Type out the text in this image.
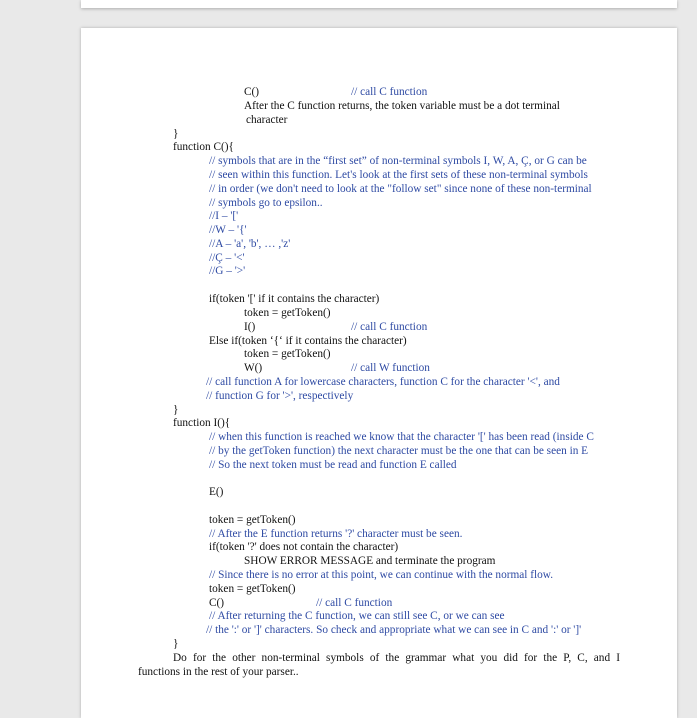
C()	// call C function
After the C function returns, the token variable must be a dot terminal
character
}
function C(){
// symbols that are in the “first set” of non-terminal symbols I, W, A, Ç, or G can be
// seen within this function. Let's look at the first sets of these non-terminal symbols
// in order (we don't need to look at the "follow set" since none of these non-terminal
// symbols go to epsilon..
//I – '['
//W – '{'
//A – 'a', 'b', … ,'z'
//Ç – '<'
//G – '>'
if(token '[' if it contains the character)
token = getToken()
I()	// call C function
Else if(token ‘{‘ if it contains the character)
token = getToken()
W()	// call W function
// call function A for lowercase characters, function C for the character '<', and
// function G for '>', respectively
}
function I(){
// when this function is reached we know that the character '[' has been read (inside C
// by the getToken function) the next character must be the one that can be seen in E
// So the next token must be read and function E called
E()
token = getToken()
// After the E function returns '?' character must be seen.
if(token '?' does not contain the character)
SHOW ERROR MESSAGE and terminate the program
// Since there is no error at this point, we can continue with the normal flow.
token = getToken()
C()	// call C function
// After returning the C function, we can still see C, or we can see
// the ':' or ']' characters. So check and appropriate what we can see in C and ':' or ']'
}
Do for the other non-terminal symbols of the grammar what you did for the P, C, and I
functions in the rest of your parser..
